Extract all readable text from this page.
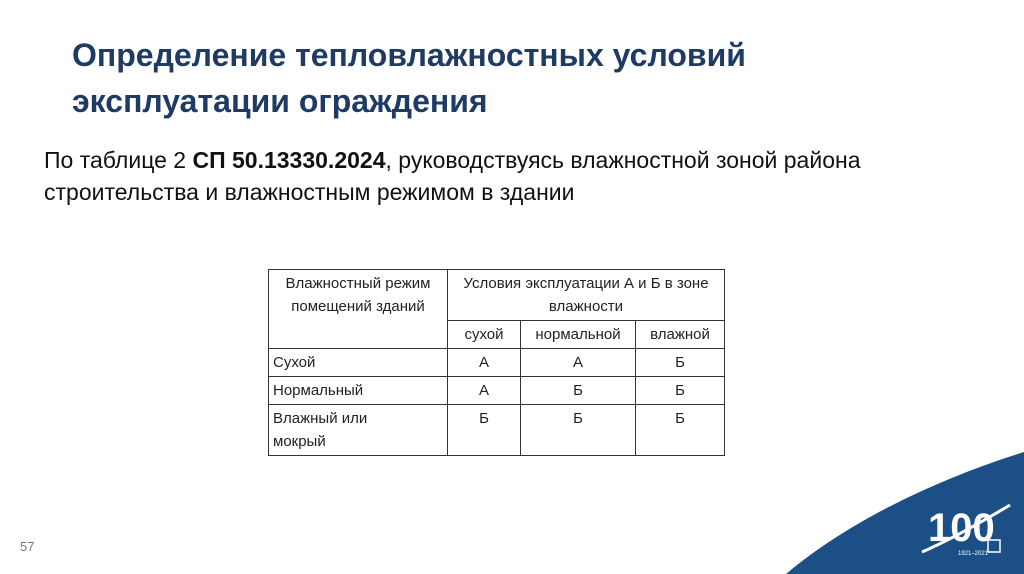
Определение тепловлажностных условий эксплуатации ограждения
По таблице 2 СП 50.13330.2024, руководствуясь влажностной зоной района строительства и влажностным режимом в здании
Влажностный режим помещений зданий	Условия эксплуатации А и Б в зоне влажности		
	сухой	нормальной	влажной
Сухой	А	А	Б
Нормальный	А	Б	Б
Влажный или мокрый	Б	Б	Б
57	100
1921–2021
